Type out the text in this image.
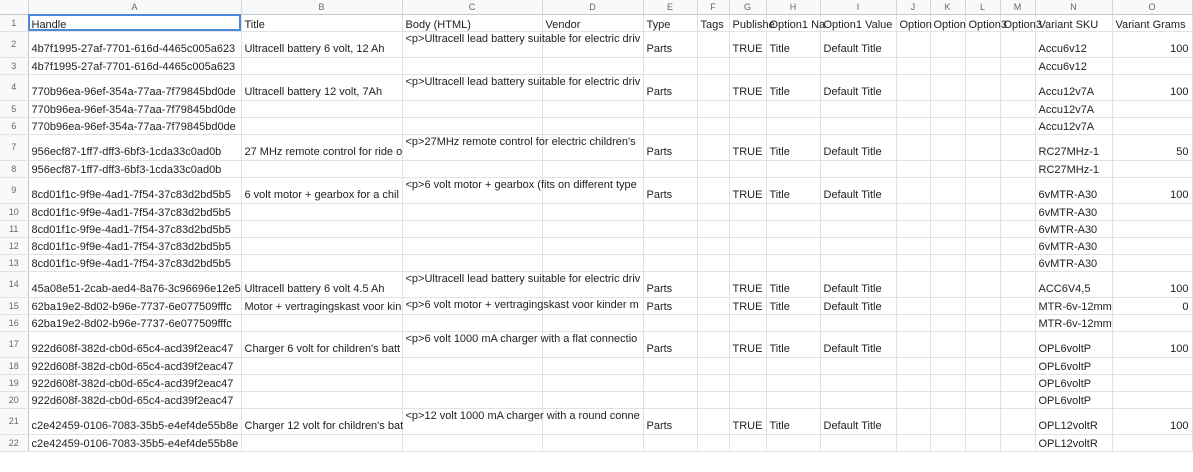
	A	B	C	D	E	F	G	H	I	J	K	L	M	N	O
1	Handle	Title	Body (HTML)	Vendor	Type	Tags	Publishe	Option1 Na	Option1 Value	Option	Option	Option3	Option3	Variant SKU	Variant Grams
2	4b7f1995-27af-7701-616d-4465c005a623	Ultracell battery 6 volt, 12 Ah	<p>Ultracell lead battery suitable for electric driv		Parts		TRUE	Title	Default Title					Accu6v12	100
3	4b7f1995-27af-7701-616d-4465c005a623													Accu6v12	
4	770b96ea-96ef-354a-77aa-7f79845bd0de	Ultracell battery 12 volt, 7Ah	<p>Ultracell lead battery suitable for electric driv		Parts		TRUE	Title	Default Title					Accu12v7A	100
5	770b96ea-96ef-354a-77aa-7f79845bd0de													Accu12v7A	
6	770b96ea-96ef-354a-77aa-7f79845bd0de													Accu12v7A	
7	956ecf87-1ff7-dff3-6bf3-1cda33c0ad0b	27 MHz remote control for ride o	<p>27MHz remote control for electric children's		Parts		TRUE	Title	Default Title					RC27MHz-1	50
8	956ecf87-1ff7-dff3-6bf3-1cda33c0ad0b													RC27MHz-1	
9	8cd01f1c-9f9e-4ad1-7f54-37c83d2bd5b5	6 volt motor + gearbox for a chil	<p>6 volt motor + gearbox (fits on different type		Parts		TRUE	Title	Default Title					6vMTR-A30	100
10	8cd01f1c-9f9e-4ad1-7f54-37c83d2bd5b5													6vMTR-A30	
11	8cd01f1c-9f9e-4ad1-7f54-37c83d2bd5b5													6vMTR-A30	
12	8cd01f1c-9f9e-4ad1-7f54-37c83d2bd5b5													6vMTR-A30	
13	8cd01f1c-9f9e-4ad1-7f54-37c83d2bd5b5													6vMTR-A30	
14	45a08e51-2cab-aed4-8a76-3c96696e12e5	Ultracell battery 6 volt 4.5 Ah	<p>Ultracell lead battery suitable for electric driv		Parts		TRUE	Title	Default Title					ACC6V4,5	100
15	62ba19e2-8d02-b96e-7737-6e077509fffc	Motor + vertragingskast voor kin	<p>6 volt motor + vertragingskast voor kinder m		Parts		TRUE	Title	Default Title					MTR-6v-12mm	0
16	62ba19e2-8d02-b96e-7737-6e077509fffc													MTR-6v-12mm	
17	922d608f-382d-cb0d-65c4-acd39f2eac47	Charger 6 volt for children's batt	<p>6 volt 1000 mA charger with a flat connectio		Parts		TRUE	Title	Default Title					OPL6voltP	100
18	922d608f-382d-cb0d-65c4-acd39f2eac47													OPL6voltP	
19	922d608f-382d-cb0d-65c4-acd39f2eac47													OPL6voltP	
20	922d608f-382d-cb0d-65c4-acd39f2eac47													OPL6voltP	
21	c2e42459-0106-7083-35b5-e4ef4de55b8e	Charger 12 volt for children's bat	<p>12 volt 1000 mA charger with a round conne		Parts		TRUE	Title	Default Title					OPL12voltR	100
22	c2e42459-0106-7083-35b5-e4ef4de55b8e													OPL12voltR	
